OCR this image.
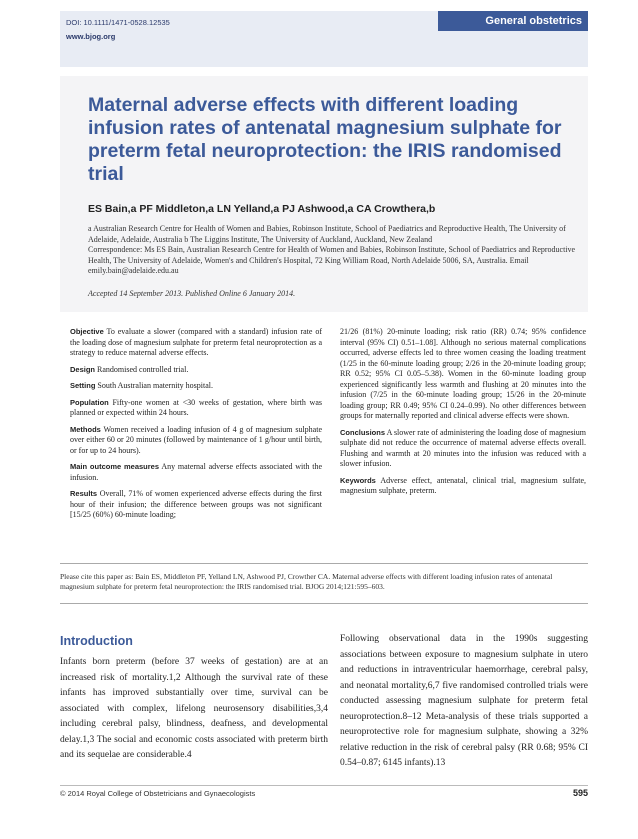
DOI: 10.1111/1471-0528.12535
www.bjog.org
General obstetrics
Maternal adverse effects with different loading infusion rates of antenatal magnesium sulphate for preterm fetal neuroprotection: the IRIS randomised trial
ES Bain,a PF Middleton,a LN Yelland,a PJ Ashwood,a CA Crowthera,b
a Australian Research Centre for Health of Women and Babies, Robinson Institute, School of Paediatrics and Reproductive Health, The University of Adelaide, Adelaide, Australia b The Liggins Institute, The University of Auckland, Auckland, New Zealand
Correspondence: Ms ES Bain, Australian Research Centre for Health of Women and Babies, Robinson Institute, School of Paediatrics and Reproductive Health, The University of Adelaide, Women's and Children's Hospital, 72 King William Road, North Adelaide 5006, SA, Australia. Email emily.bain@adelaide.edu.au
Accepted 14 September 2013. Published Online 6 January 2014.
Objective To evaluate a slower (compared with a standard) infusion rate of the loading dose of magnesium sulphate for preterm fetal neuroprotection as a strategy to reduce maternal adverse effects.
Design Randomised controlled trial.
Setting South Australian maternity hospital.
Population Fifty-one women at <30 weeks of gestation, where birth was planned or expected within 24 hours.
Methods Women received a loading infusion of 4 g of magnesium sulphate over either 60 or 20 minutes (followed by maintenance of 1 g/hour until birth, or for up to 24 hours).
Main outcome measures Any maternal adverse effects associated with the infusion.
Results Overall, 71% of women experienced adverse effects during the first hour of their infusion; the difference between groups was not significant [15/25 (60%) 60-minute loading;
21/26 (81%) 20-minute loading; risk ratio (RR) 0.74; 95% confidence interval (95% CI) 0.51–1.08]. Although no serious maternal complications occurred, adverse effects led to three women ceasing the loading treatment (1/25 in the 60-minute loading group; 2/26 in the 20-minute loading group; RR 0.52; 95% CI 0.05–5.38). Women in the 60-minute loading group experienced significantly less warmth and flushing at 20 minutes into the infusion (7/25 in the 60-minute loading group; 15/26 in the 20-minute loading group; RR 0.49; 95% CI 0.24–0.99). No other differences between groups for maternally reported and clinical adverse effects were shown.
Conclusions A slower rate of administering the loading dose of magnesium sulphate did not reduce the occurrence of maternal adverse effects overall. Flushing and warmth at 20 minutes into the infusion was reduced with a slower infusion.
Keywords Adverse effect, antenatal, clinical trial, magnesium sulfate, magnesium sulphate, preterm.
Please cite this paper as: Bain ES, Middleton PF, Yelland LN, Ashwood PJ, Crowther CA. Maternal adverse effects with different loading infusion rates of antenatal magnesium sulphate for preterm fetal neuroprotection: the IRIS randomised trial. BJOG 2014;121:595–603.
Introduction
Infants born preterm (before 37 weeks of gestation) are at an increased risk of mortality.1,2 Although the survival rate of these infants has improved substantially over time, survival can be associated with complex, lifelong neurosensory disabilities,3,4 including cerebral palsy, blindness, deafness, and developmental delay.1,3 The social and economic costs associated with preterm birth and its sequelae are considerable.4
Following observational data in the 1990s suggesting associations between exposure to magnesium sulphate in utero and reductions in intraventricular haemorrhage, cerebral palsy, and neonatal mortality,6,7 five randomised controlled trials were conducted assessing magnesium sulphate for preterm fetal neuroprotection.8–12 Meta-analysis of these trials supported a neuroprotective role for magnesium sulphate, showing a 32% relative reduction in the risk of cerebral palsy (RR 0.68; 95% CI 0.54–0.87; 6145 infants).13
© 2014 Royal College of Obstetricians and Gynaecologists	595
